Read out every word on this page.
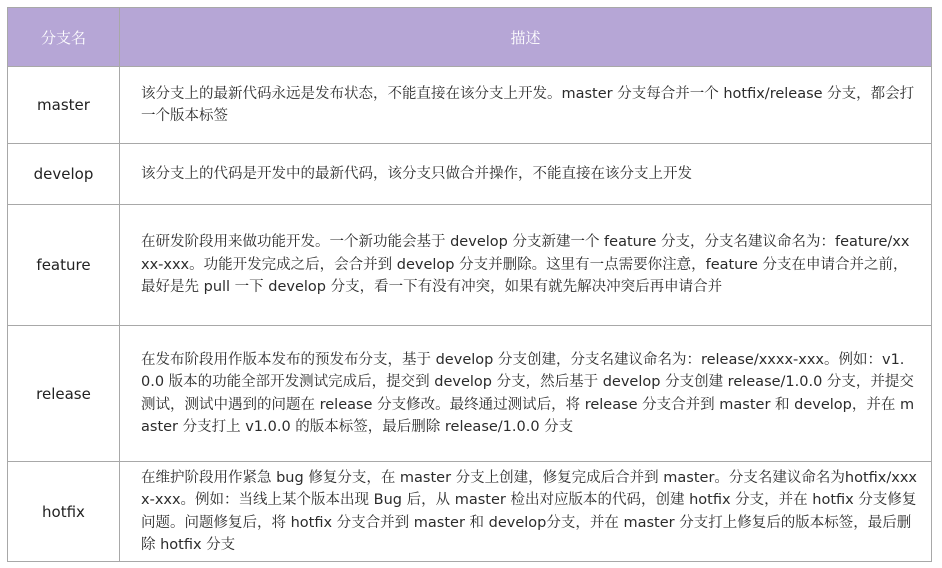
分支名	描述
master	该分支上的最新代码永远是发布状态，不能直接在该分支上开发。master 分支每合并一个 hotfix/release 分支，都会打一个版本标签
develop	该分支上的代码是开发中的最新代码，该分支只做合并操作，不能直接在该分支上开发
feature	在研发阶段用来做功能开发。一个新功能会基于 develop 分支新建一个 feature 分支，分支名建议命名为：feature/xxxx-xxx。功能开发完成之后，会合并到 develop 分支并删除。这里有一点需要你注意，feature 分支在申请合并之前，最好是先 pull 一下 develop 分支，看一下有没有冲突，如果有就先解决冲突后再申请合并
release	在发布阶段用作版本发布的预发布分支，基于 develop 分支创建，分支名建议命名为：release/xxxx-xxx。例如：v1.0.0 版本的功能全部开发测试完成后，提交到 develop 分支，然后基于 develop 分支创建 release/1.0.0 分支，并提交测试，测试中遇到的问题在 release 分支修改。最终通过测试后，将 release 分支合并到 master 和 develop，并在 master 分支打上 v1.0.0 的版本标签，最后删除 release/1.0.0 分支
hotfix	在维护阶段用作紧急 bug 修复分支，在 master 分支上创建，修复完成后合并到 master。分支名建议命名为hotfix/xxxx-xxx。例如：当线上某个版本出现 Bug 后，从 master 检出对应版本的代码，创建 hotfix 分支，并在 hotfix 分支修复问题。问题修复后，将 hotfix 分支合并到 master 和 develop分支，并在 master 分支打上修复后的版本标签，最后删除 hotfix 分支
